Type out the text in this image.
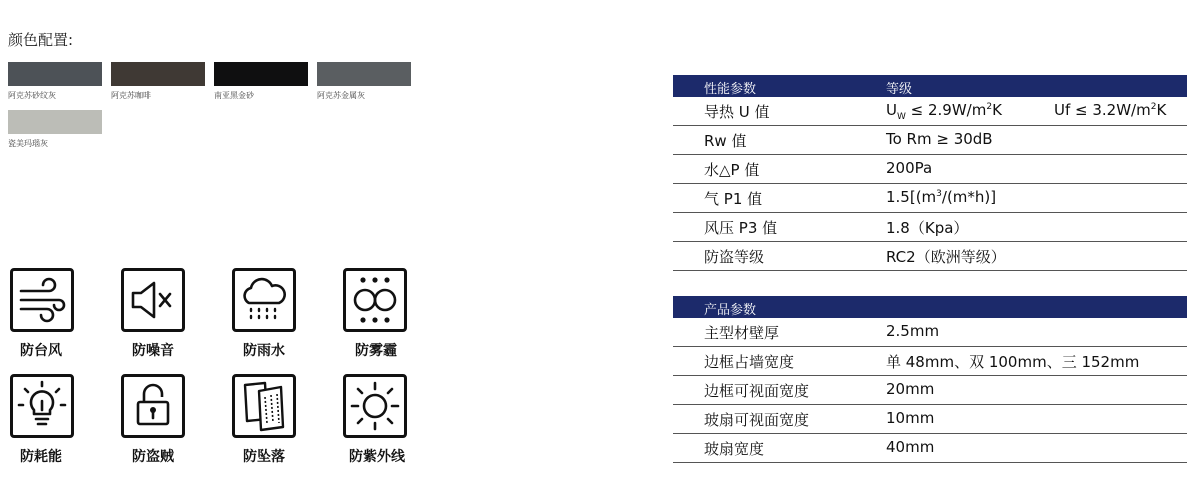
颜色配置:
阿克苏砂纹灰	阿克苏咖啡	南亚黑金砂	阿克苏金属灰
瓷美玛瑙灰
防台风	防噪音	防雨水	防雾霾
防耗能	防盗贼	防坠落	防紫外线
性能参数	等级
导热 U 值	$U_W \le 2.9W/m^2K$	$Uf \le 3.2W/m^2K$
Rw 值	To Rm ≥ 30dB
水△P 值	200Pa
气 P1 值	$1.5[(m^3/(m*h)]$
风压 P3 值	1.8（Kpa）
防盗等级	RC2（欧洲等级）
产品参数
主型材壁厚	2.5mm
边框占墙宽度	单 48mm、双 100mm、三 152mm
边框可视面宽度	20mm
玻扇可视面宽度	10mm
玻扇宽度	40mm
